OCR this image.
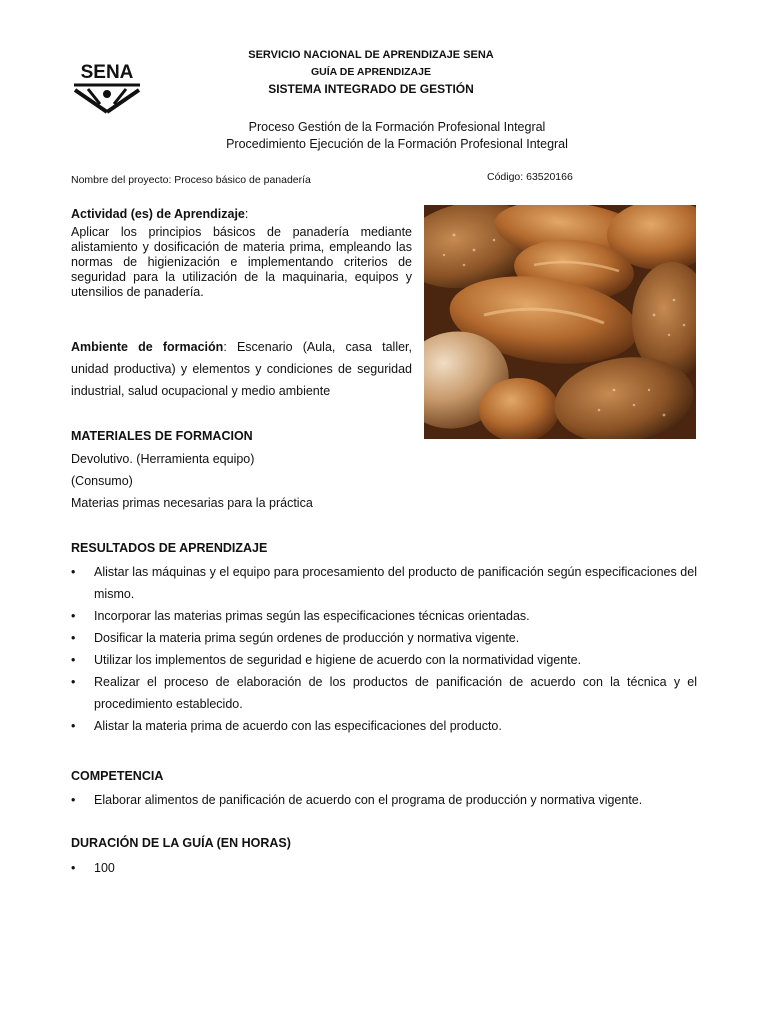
SENA
SERVICIO NACIONAL DE APRENDIZAJE SENA
GUÍA DE APRENDIZAJE
SISTEMA INTEGRADO DE GESTIÓN
Proceso Gestión de la Formación Profesional Integral
Procedimiento Ejecución de la Formación Profesional Integral
Nombre del proyecto: Proceso básico de panadería	Código: 63520166
Actividad (es) de Aprendizaje:
Aplicar los principios básicos de panadería mediante alistamiento y dosificación de materia prima, empleando las normas de higienización e implementando criterios de seguridad para la utilización de la maquinaria, equipos y utensilios de panadería.
Ambiente de formación: Escenario (Aula, casa taller, unidad productiva) y elementos y condiciones de seguridad industrial, salud ocupacional y medio ambiente
MATERIALES DE FORMACION
Devolutivo. (Herramienta equipo)
(Consumo)
Materias primas necesarias para la práctica
RESULTADOS DE APRENDIZAJE
• Alistar las máquinas y el equipo para procesamiento del producto de panificación según especificaciones del mismo.
• Incorporar las materias primas según las especificaciones técnicas orientadas.
• Dosificar la materia prima según ordenes de producción y normativa vigente.
• Utilizar los implementos de seguridad e higiene de acuerdo con la normatividad vigente.
• Realizar el proceso de elaboración de los productos de panificación de acuerdo con la técnica y el procedimiento establecido.
• Alistar la materia prima de acuerdo con las especificaciones del producto.
COMPETENCIA
• Elaborar alimentos de panificación de acuerdo con el programa de producción y normativa vigente.
DURACIÓN DE LA GUÍA (EN HORAS)
• 100
